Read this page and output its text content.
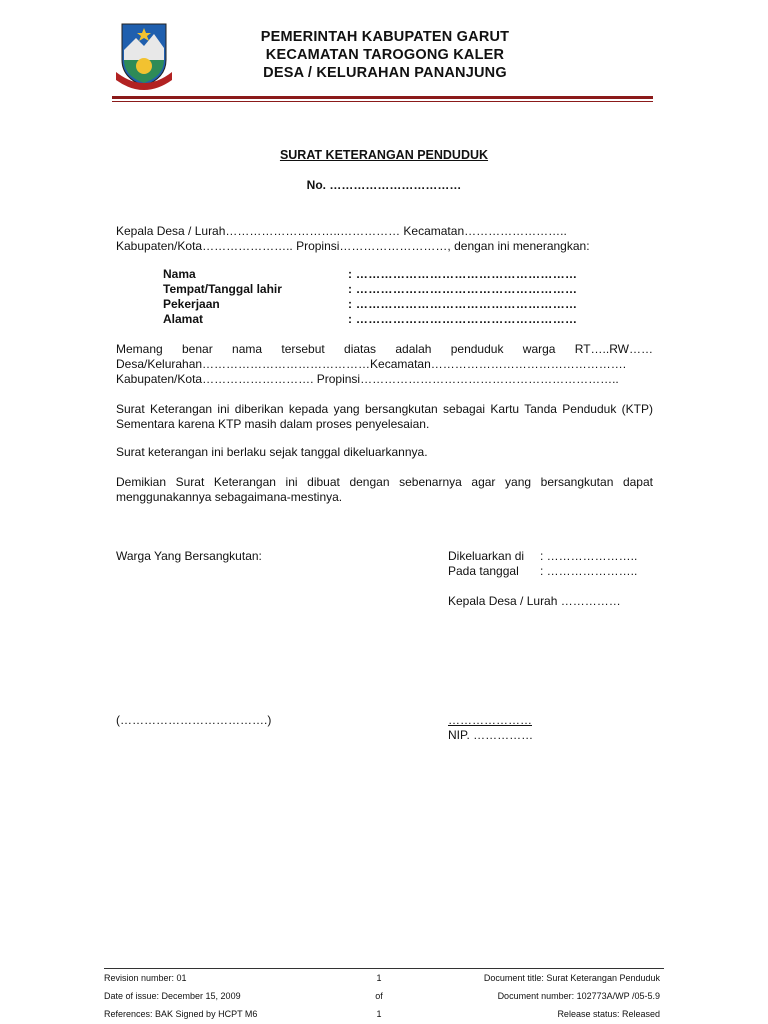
PEMERINTAH KABUPATEN GARUT
KECAMATAN TAROGONG KALER
DESA / KELURAHAN PANANJUNG
SURAT KETERANGAN PENDUDUK
No. ……………………………
Kepala Desa / Lurah………………………..…………… Kecamatan……………………..
Kabupaten/Kota………………….. Propinsi………………………, dengan ini menerangkan:
Nama	: ………………………………………………
Tempat/Tanggal lahir	: ………………………………………………
Pekerjaan	: ………………………………………………
Alamat	: ………………………………………………
Memang benar nama tersebut diatas adalah penduduk warga RT…..RW……
Desa/Kelurahan……………………………………Kecamatan………………………………………….
Kabupaten/Kota………………………. Propinsi………………………………………………………..
Surat Keterangan ini diberikan kepada yang bersangkutan sebagai Kartu Tanda Penduduk (KTP) Sementara karena KTP masih dalam proses penyelesaian.
Surat keterangan ini berlaku sejak tanggal dikeluarkannya.
Demikian Surat Keterangan ini dibuat dengan sebenarnya agar yang bersangkutan dapat menggunakannya sebagaimana-mestinya.
Warga Yang Bersangkutan:	Dikeluarkan di	: …………………..
Pada tanggal	: …………………..
Kepala Desa / Lurah ……………
(……………………………….)	…………………
NIP. ……………
Revision number: 01	1	Document title: Surat Keterangan Penduduk
Date of issue: December 15, 2009	of	Document number: 102773A/WP /05-5.9
References: BAK Signed by HCPT M6	1	Release status: Released
